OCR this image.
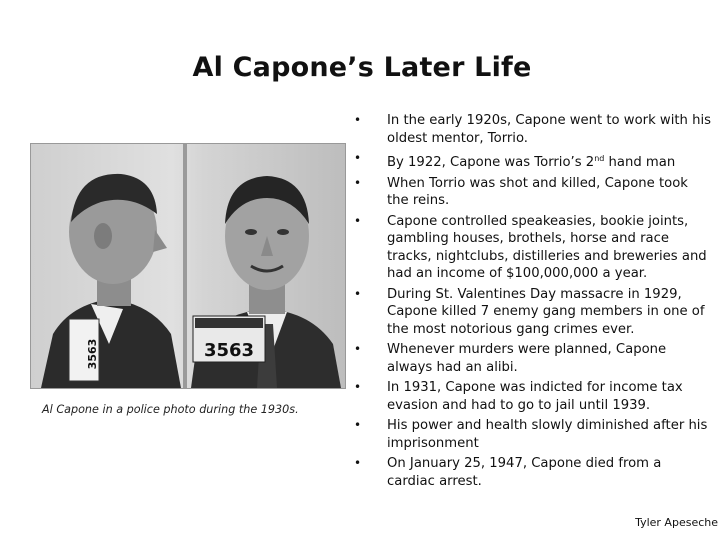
Al Capone’s Later Life
3563	3563
Al Capone in a police photo during the 1930s.
• In the early 1920s, Capone went to work with his oldest mentor, Torrio.
• By 1922, Capone was Torrio’s 2nd hand man
• When Torrio was shot and killed, Capone took the reins.
• Capone controlled speakeasies, bookie joints, gambling houses, brothels, horse and race tracks, nightclubs, distilleries and breweries and had an income of $100,000,000 a year.
• During St. Valentines Day massacre in 1929, Capone killed 7 enemy gang members in one of the most notorious gang crimes ever.
• Whenever murders were planned, Capone always had an alibi.
• In 1931, Capone was indicted for income tax evasion and had to go to jail until 1939.
• His power and health slowly diminished after his imprisonment
• On January 25, 1947, Capone died from a cardiac arrest.
Tyler Apeseche
